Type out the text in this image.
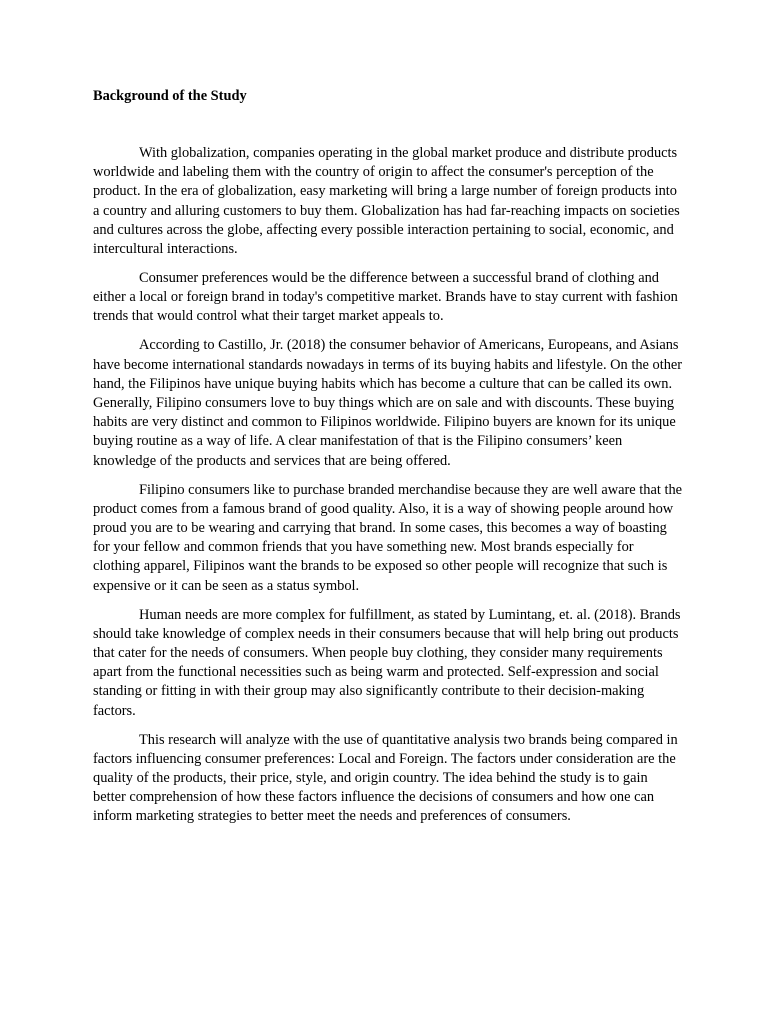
Background of the Study

With globalization, companies operating in the global market produce and distribute products worldwide and labeling them with the country of origin to affect the consumer's perception of the product. In the era of globalization, easy marketing will bring a large number of foreign products into a country and alluring customers to buy them. Globalization has had far-reaching impacts on societies and cultures across the globe, affecting every possible interaction pertaining to social, economic, and intercultural interactions.

Consumer preferences would be the difference between a successful brand of clothing and either a local or foreign brand in today's competitive market. Brands have to stay current with fashion trends that would control what their target market appeals to.

According to Castillo, Jr. (2018) the consumer behavior of Americans, Europeans, and Asians have become international standards nowadays in terms of its buying habits and lifestyle. On the other hand, the Filipinos have unique buying habits which has become a culture that can be called its own. Generally, Filipino consumers love to buy things which are on sale and with discounts. These buying habits are very distinct and common to Filipinos worldwide. Filipino buyers are known for its unique buying routine as a way of life. A clear manifestation of that is the Filipino consumers’ keen knowledge of the products and services that are being offered.

Filipino consumers like to purchase branded merchandise because they are well aware that the product comes from a famous brand of good quality. Also, it is a way of showing people around how proud you are to be wearing and carrying that brand. In some cases, this becomes a way of boasting for your fellow and common friends that you have something new. Most brands especially for clothing apparel, Filipinos want the brands to be exposed so other people will recognize that such is expensive or it can be seen as a status symbol.

Human needs are more complex for fulfillment, as stated by Lumintang, et. al. (2018). Brands should take knowledge of complex needs in their consumers because that will help bring out products that cater for the needs of consumers. When people buy clothing, they consider many requirements apart from the functional necessities such as being warm and protected. Self-expression and social standing or fitting in with their group may also significantly contribute to their decision-making factors.

This research will analyze with the use of quantitative analysis two brands being compared in factors influencing consumer preferences: Local and Foreign. The factors under consideration are the quality of the products, their price, style, and origin country. The idea behind the study is to gain better comprehension of how these factors influence the decisions of consumers and how one can inform marketing strategies to better meet the needs and preferences of consumers.
